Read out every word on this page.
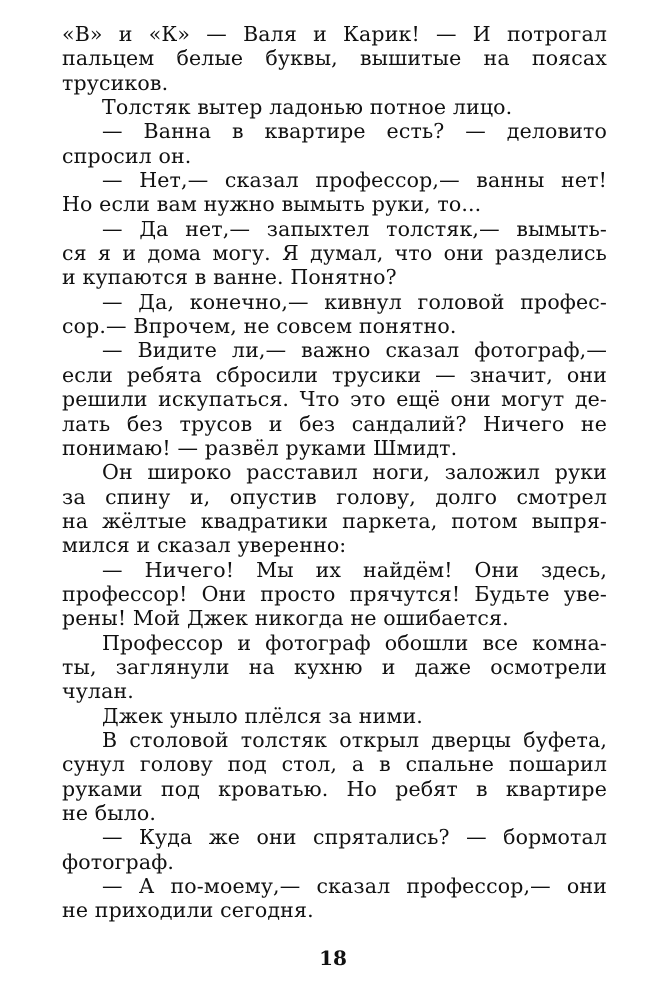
«В» и «К» — Валя и Карик! — И потрогал
пальцем белые буквы, вышитые на поясах
трусиков.
Толстяк вытер ладонью потное лицо.
— Ванна в квартире есть? — деловито
спросил он.
— Нет,— сказал профессор,— ванны нет!
Но если вам нужно вымыть руки, то...
— Да нет,— запыхтел толстяк,— вымыть-
ся я и дома могу. Я думал, что они разделись
и купаются в ванне. Понятно?
— Да, конечно,— кивнул головой профес-
сор.— Впрочем, не совсем понятно.
— Видите ли,— важно сказал фотограф,—
если ребята сбросили трусики — значит, они
решили искупаться. Что это ещё они могут де-
лать без трусов и без сандалий? Ничего не
понимаю! — развёл руками Шмидт.
Он широко расставил ноги, заложил руки
за спину и, опустив голову, долго смотрел
на жёлтые квадратики паркета, потом выпря-
мился и сказал уверенно:
— Ничего! Мы их найдём! Они здесь,
профессор! Они просто прячутся! Будьте уве-
рены! Мой Джек никогда не ошибается.
Профессор и фотограф обошли все комна-
ты, заглянули на кухню и даже осмотрели
чулан.
Джек уныло плёлся за ними.
В столовой толстяк открыл дверцы буфета,
сунул голову под стол, а в спальне пошарил
руками под кроватью. Но ребят в квартире
не было.
— Куда же они спрятались? — бормотал
фотограф.
— А по-моему,— сказал профессор,— они
не приходили сегодня.
18
